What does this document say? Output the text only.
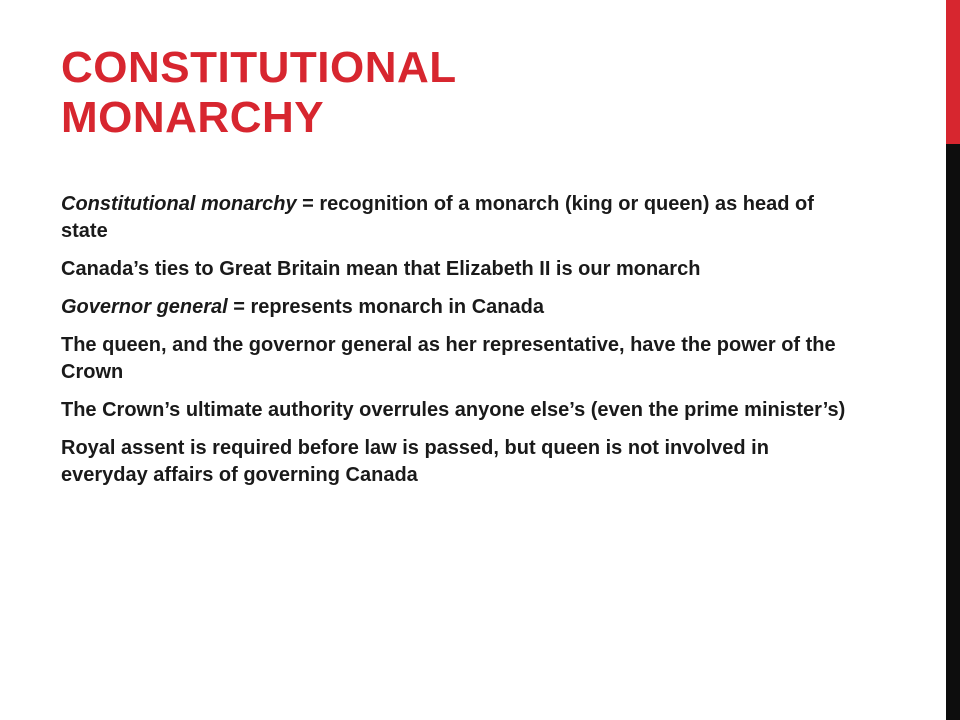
CONSTITUTIONAL
MONARCHY
Constitutional monarchy = recognition of a monarch (king or queen) as head of state
Canada’s ties to Great Britain mean that Elizabeth II is our monarch
Governor general = represents monarch in Canada
The queen, and the governor general as her representative, have the power of the Crown
The Crown’s ultimate authority overrules anyone else’s (even the prime minister’s)
Royal assent is required before law is passed, but queen is not involved in everyday affairs of governing Canada
